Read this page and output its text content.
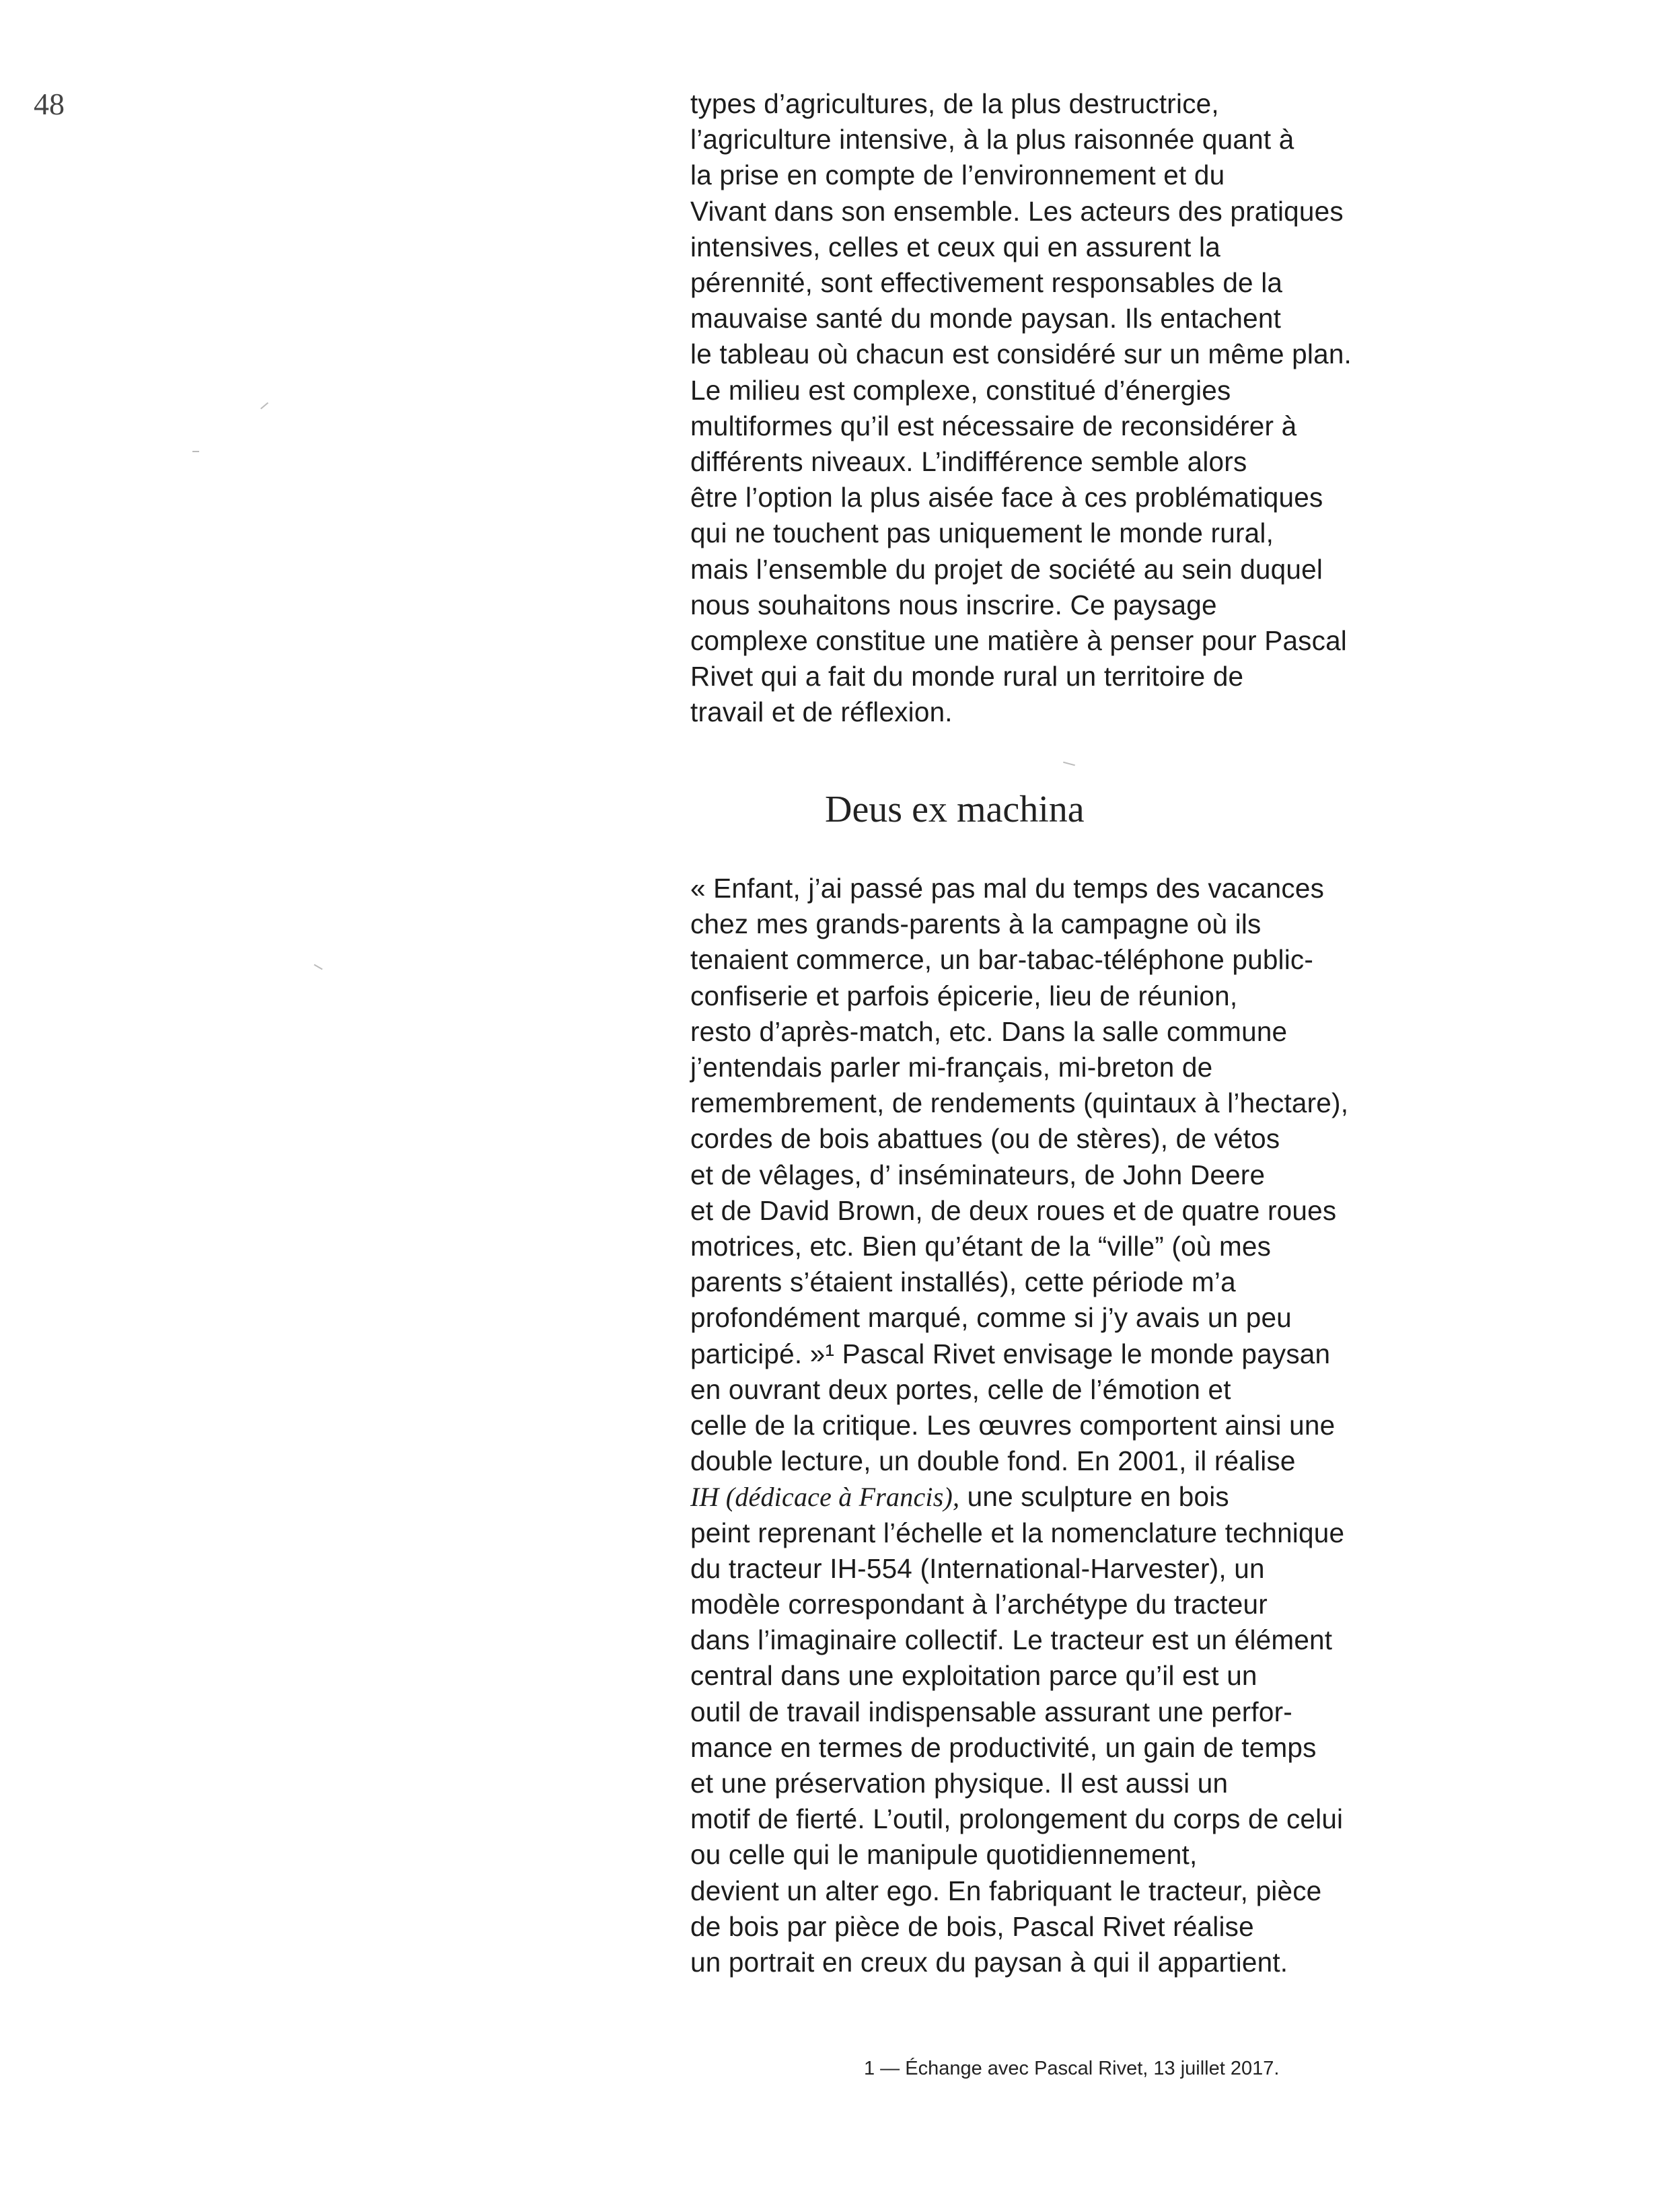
48	types d’agricultures, de la plus destructrice,
l’agriculture intensive, à la plus raisonnée quant à
la prise en compte de l’environnement et du
Vivant dans son ensemble. Les acteurs des pratiques
intensives, celles et ceux qui en assurent la
pérennité, sont effectivement responsables de la
mauvaise santé du monde paysan. Ils entachent
le tableau où chacun est considéré sur un même plan.
Le milieu est complexe, constitué d’énergies
multiformes qu’il est nécessaire de reconsidérer à
différents niveaux. L’indifférence semble alors
être l’option la plus aisée face à ces problématiques
qui ne touchent pas uniquement le monde rural,
mais l’ensemble du projet de société au sein duquel
nous souhaitons nous inscrire. Ce paysage
complexe constitue une matière à penser pour Pascal
Rivet qui a fait du monde rural un territoire de
travail et de réflexion.
Deus ex machina
« Enfant, j’ai passé pas mal du temps des vacances
chez mes grands-parents à la campagne où ils
tenaient commerce, un bar-tabac-téléphone public-
confiserie et parfois épicerie, lieu de réunion,
resto d’après-match, etc. Dans la salle commune
j’entendais parler mi-français, mi-breton de
remembrement, de rendements (quintaux à l’hectare),
cordes de bois abattues (ou de stères), de vétos
et de vêlages, d’ inséminateurs, de John Deere
et de David Brown, de deux roues et de quatre roues
motrices, etc. Bien qu’étant de la “ville” (où mes
parents s’étaient installés), cette période m’a
profondément marqué, comme si j’y avais un peu
participé. »¹ Pascal Rivet envisage le monde paysan
en ouvrant deux portes, celle de l’émotion et
celle de la critique. Les œuvres comportent ainsi une
double lecture, un double fond. En 2001, il réalise
IH (dédicace à Francis), une sculpture en bois
peint reprenant l’échelle et la nomenclature technique
du tracteur IH-554 (International-Harvester), un
modèle correspondant à l’archétype du tracteur
dans l’imaginaire collectif. Le tracteur est un élément
central dans une exploitation parce qu’il est un
outil de travail indispensable assurant une perfor-
mance en termes de productivité, un gain de temps
et une préservation physique. Il est aussi un
motif de fierté. L’outil, prolongement du corps de celui
ou celle qui le manipule quotidiennement,
devient un alter ego. En fabriquant le tracteur, pièce
de bois par pièce de bois, Pascal Rivet réalise
un portrait en creux du paysan à qui il appartient.
1 — Échange avec Pascal Rivet, 13 juillet 2017.
